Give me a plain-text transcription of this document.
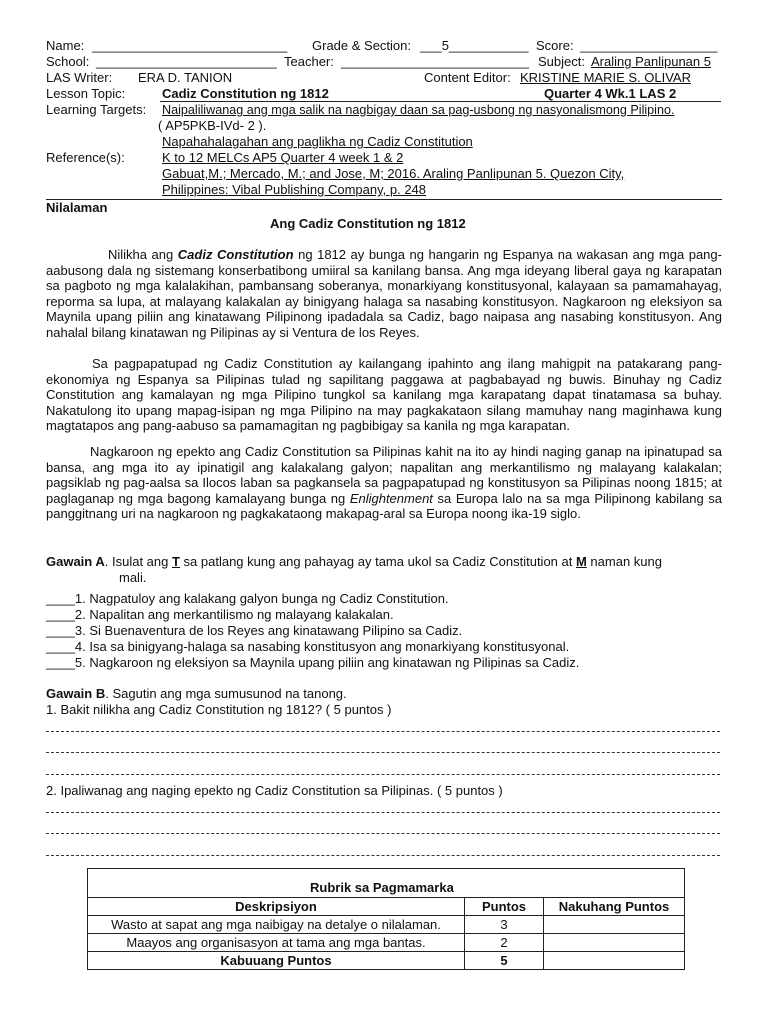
Name: ___________________________ Grade & Section: ___5___________ Score: ___________________
School: _________________________ Teacher: __________________________ Subject: Araling Panlipunan 5
LAS Writer: ERA D. TANION	Content Editor: KRISTINE MARIE S. OLIVAR
Lesson Topic:	Cadiz Constitution ng 1812	Quarter 4 Wk.1 LAS 2
Learning Targets: Naipaliliwanag ang mga salik na nagbigay daan sa pag-usbong ng nasyonalismong Pilipino.
( AP5PKB-IVd- 2 ).
Napahahalagahan ang paglikha ng Cadiz Constitution
Reference(s):	K to 12 MELCs AP5 Quarter 4 week 1 & 2
Gabuat,M.; Mercado, M.; and Jose, M; 2016. Araling Panlipunan 5. Quezon City,
Philippines: Vibal Publishing Company, p. 248
Nilalaman
Ang Cadiz Constitution ng 1812

Nilikha ang Cadiz Constitution ng 1812 ay bunga ng hangarin ng Espanya na wakasan ang mga pang-aabusong dala ng sistemang konserbatibong umiiral sa kanilang bansa. Ang mga ideyang liberal gaya ng karapatan sa pagboto ng mga kalalakihan, pambansang soberanya, monarkiyang konstitusyonal, kalayaan sa pamamahayag, reporma sa lupa, at malayang kalakalan ay binigyang halaga sa nasabing konstitusyon. Nagkaroon ng eleksiyon sa Maynila upang piliin ang kinatawang Pilipinong ipadadala sa Cadiz, bago naipasa ang nasabing konstitusyon. Ang nahalal bilang kinatawan ng Pilipinas ay si Ventura de los Reyes.

Sa pagpapatupad ng Cadiz Constitution ay kailangang ipahinto ang ilang mahigpit na patakarang pang-ekonomiya ng Espanya sa Pilipinas tulad ng sapilitang paggawa at pagbabayad ng buwis. Binuhay ng Cadiz Constitution ang kamalayan ng mga Pilipino tungkol sa kanilang mga karapatang dapat tinatamasa sa buhay. Nakatulong ito upang mapag-isipan ng mga Pilipino na may pagkakataon silang mamuhay nang maginhawa kung magtatapos ang pang-aabuso sa pamamagitan ng pagbibigay sa kanila ng mga karapatan.

Nagkaroon ng epekto ang Cadiz Constitution sa Pilipinas kahit na ito ay hindi naging ganap na ipinatupad sa bansa, ang mga ito ay ipinatigil ang kalakalang galyon; napalitan ang merkantilismo ng malayang kalakalan; pagsiklab ng pag-aalsa sa Ilocos laban sa pagkansela sa pagpapatupad ng konstitusyon sa Pilipinas noong 1815; at paglaganap ng mga bagong kamalayang bunga ng Enlightenment sa Europa lalo na sa mga Pilipinong kabilang sa panggitnang uri na nagkaroon ng pagkakataong makapag-aral sa Europa noong ika-19 siglo.

Gawain A. Isulat ang T sa patlang kung ang pahayag ay tama ukol sa Cadiz Constitution at M naman kung
mali.
____1. Nagpatuloy ang kalakang galyon bunga ng Cadiz Constitution.
____2. Napalitan ang merkantilismo ng malayang kalakalan.
____3. Si Buenaventura de los Reyes ang kinatawang Pilipino sa Cadiz.
____4. Isa sa binigyang-halaga sa nasabing konstitusyon ang monarkiyang konstitusyonal.
____5. Nagkaroon ng eleksiyon sa Maynila upang piliin ang kinatawan ng Pilipinas sa Cadiz.
Gawain B. Sagutin ang mga sumusunod na tanong.
1. Bakit nilikha ang Cadiz Constitution ng 1812? ( 5 puntos )
2. Ipaliwanag ang naging epekto ng Cadiz Constitution sa Pilipinas. ( 5 puntos )
Rubrik sa Pagmamarka
Deskripsiyon	Puntos	Nakuhang Puntos
Wasto at sapat ang mga naibigay na detalye o nilalaman.	3	
Maayos ang organisasyon at tama ang mga bantas.	2	
Kabuuang Puntos	5	
